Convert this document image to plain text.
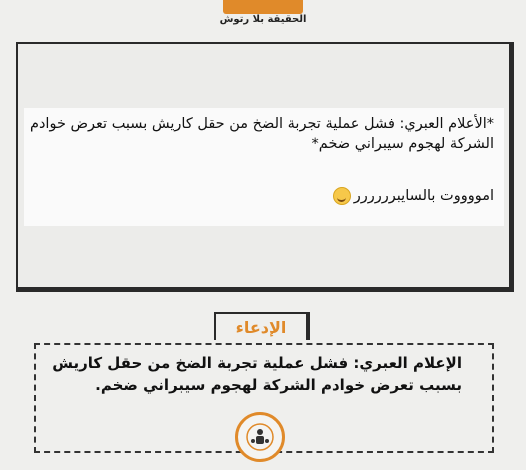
الحقيقة بلا رتوش
*الأعلام العبري: فشل عملية تجربة الضخ من حقل كاريش بسبب تعرض خوادم الشركة لهجوم سيبراني ضخم*
امووووت بالسايبرررررر
الإدعاء
الإعلام العبري: فشل عملية تجربة الضخ من حقل كاريش بسبب تعرض خوادم الشركة لهجوم سيبراني ضخم.
